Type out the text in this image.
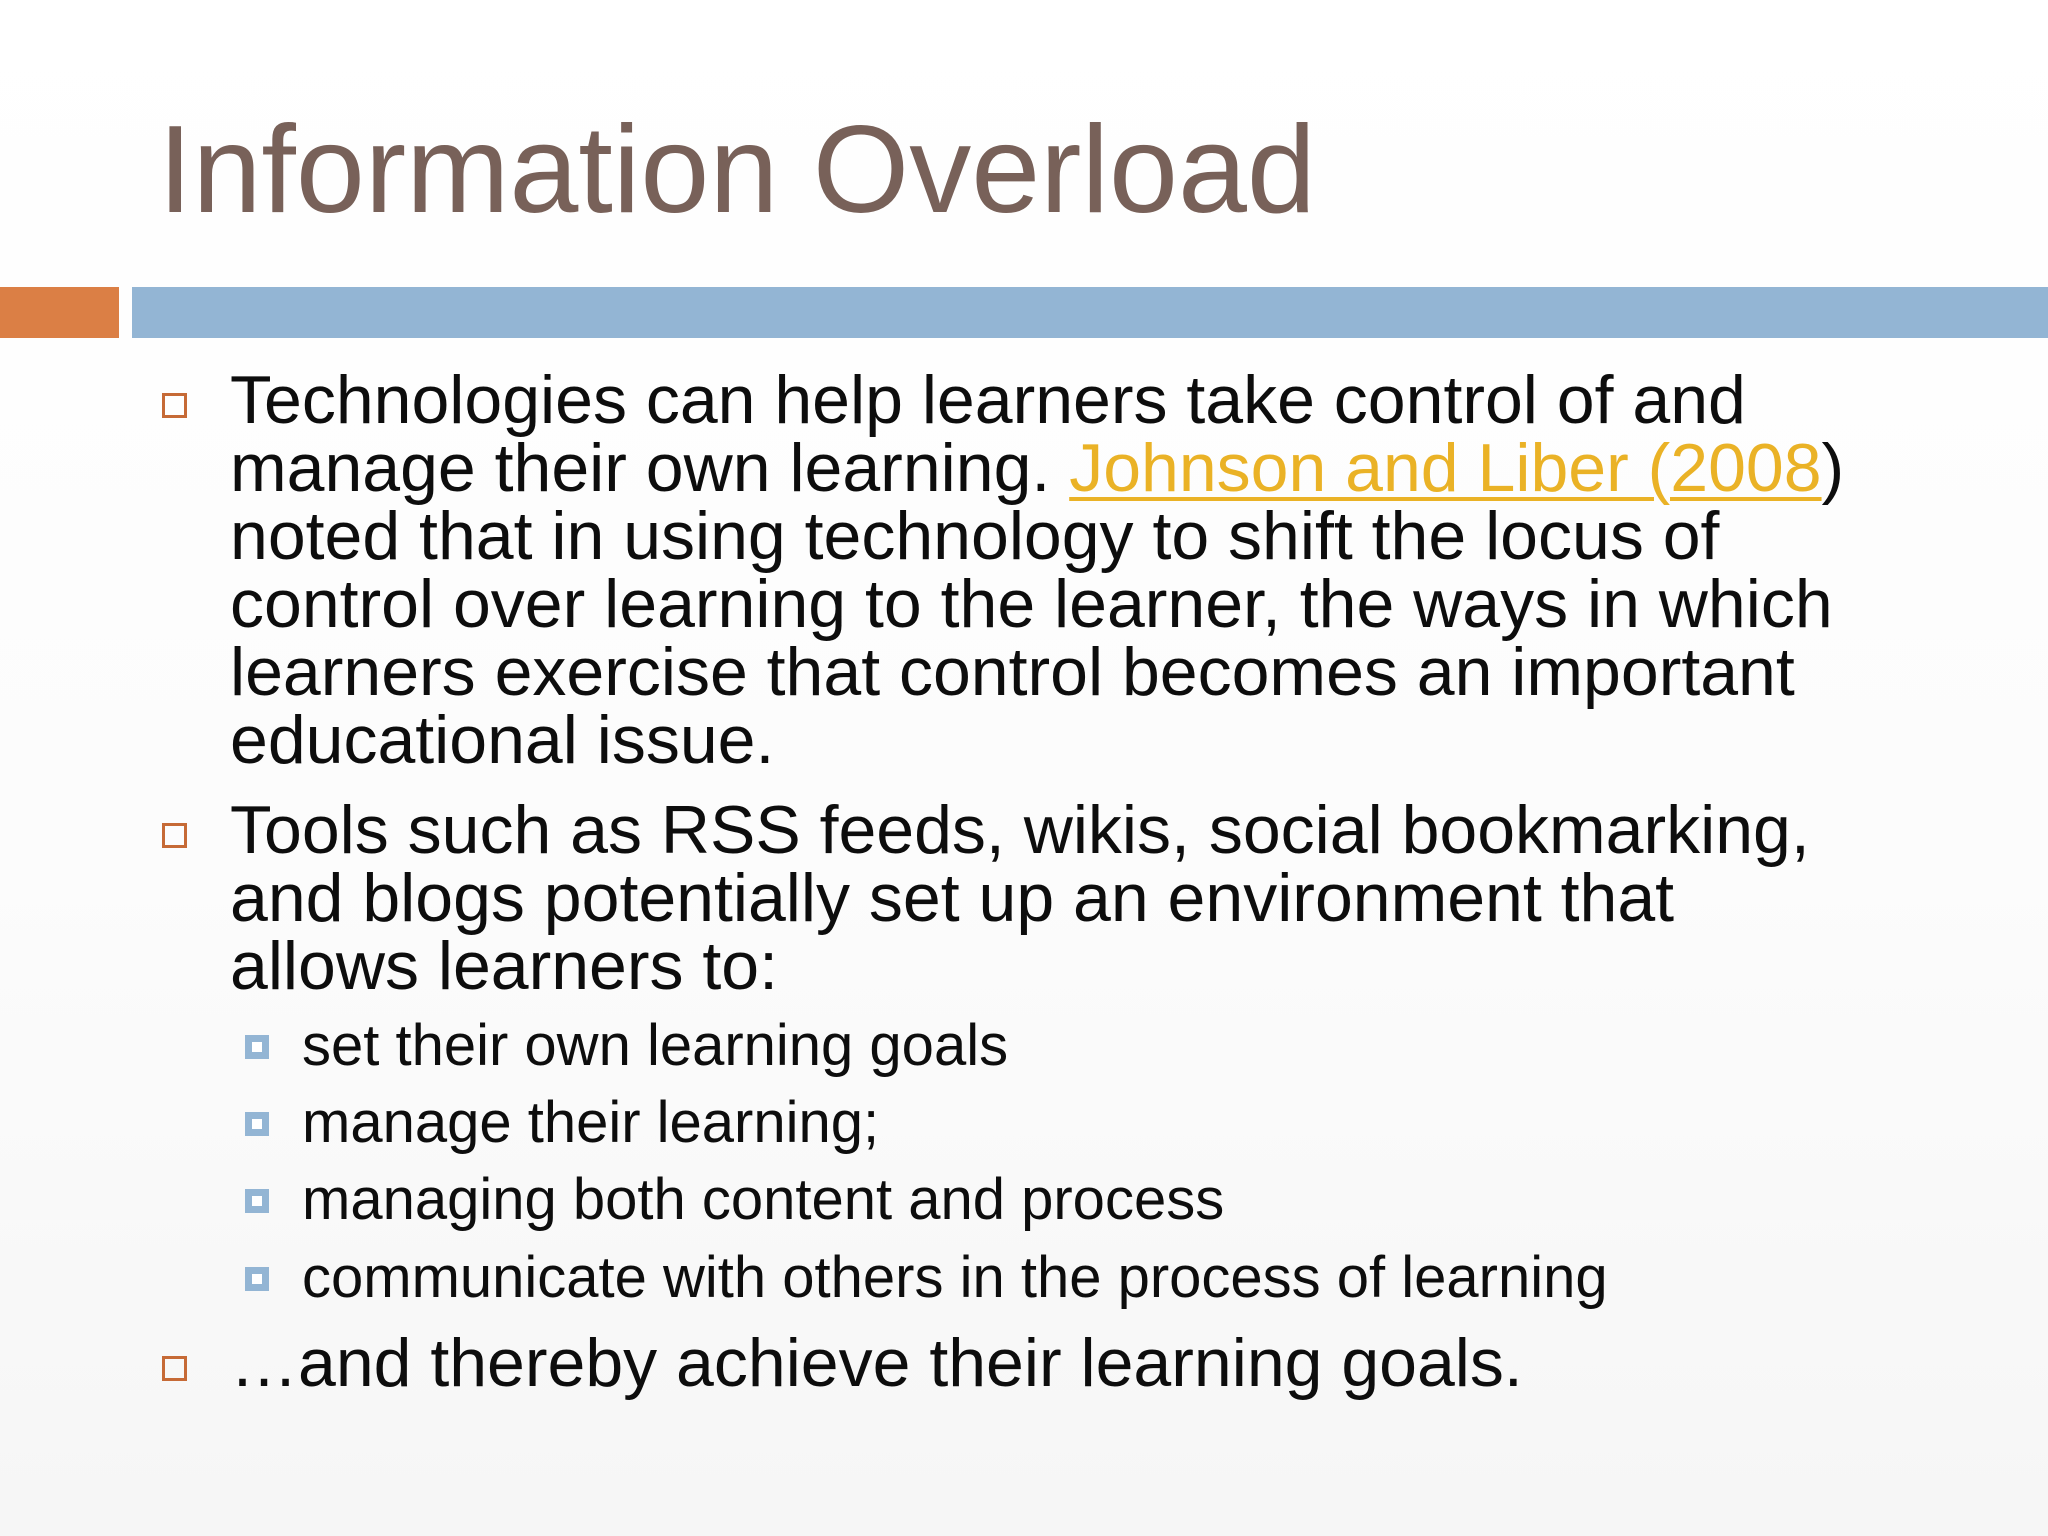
Information Overload
Technologies can help learners take control of and
manage their own learning. Johnson and Liber (2008)
noted that in using technology to shift the locus of
control over learning to the learner, the ways in which
learners exercise that control becomes an important
educational issue.
Tools such as RSS feeds, wikis, social bookmarking,
and blogs potentially set up an environment that
allows learners to:
set their own learning goals
manage their learning;
managing both content and process
communicate with others in the process of learning
…and thereby achieve their learning goals.
